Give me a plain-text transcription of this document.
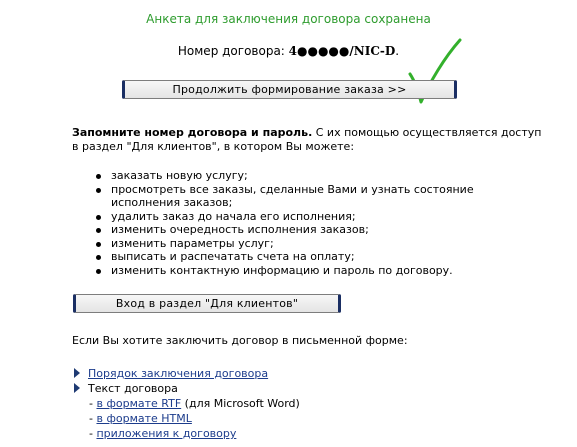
Анкета для заключения договора сохранена
Номер договора: 4●●●●●/NIC-D.
Продолжить формирование заказа >>
Запомните номер договора и пароль. С их помощью осуществляется доступ в раздел "Для клиентов", в котором Вы можете:
заказать новую услугу;
просмотреть все заказы, сделанные Вами и узнать состояние исполнения заказов;
удалить заказ до начала его исполнения;
изменить очередность исполнения заказов;
изменить параметры услуг;
выписать и распечатать счета на оплату;
изменить контактную информацию и пароль по договору.
Вход в раздел "Для клиентов"
Если Вы хотите заключить договор в письменной форме:
Порядок заключения договора
Текст договора
- в формате RTF (для Microsoft Word)
- в формате HTML
- приложения к договору
